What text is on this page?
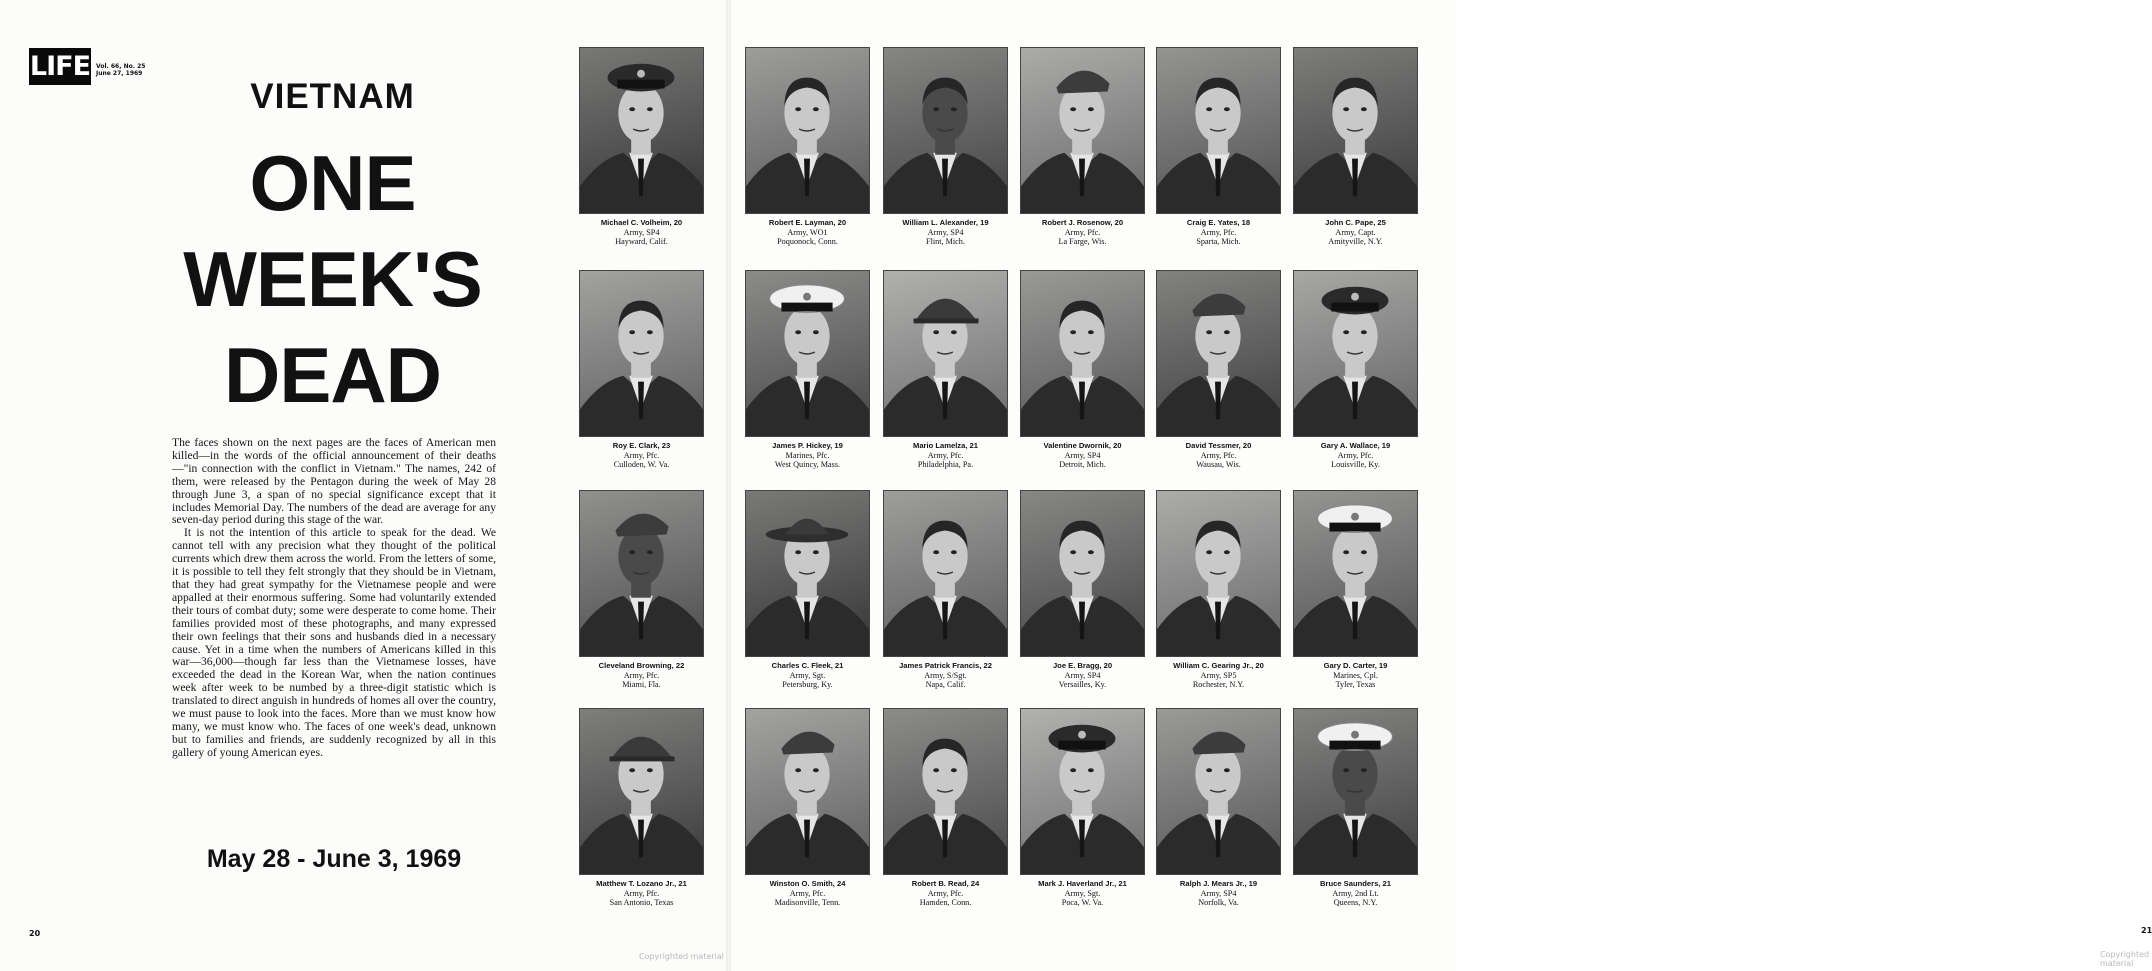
LIFE Vol. 66, No. 25
June 27, 1969
VIETNAM
ONE
WEEK'S
DEAD

The faces shown on the next pages are the faces of American men killed—in the words of the official announcement of their deaths—"in connection with the conflict in Vietnam." The names, 242 of them, were released by the Pentagon during the week of May 28 through June 3, a span of no special significance except that it includes Memorial Day. The numbers of the dead are average for any seven-day period during this stage of the war.

It is not the intention of this article to speak for the dead. We cannot tell with any precision what they thought of the political currents which drew them across the world. From the letters of some, it is possible to tell they felt strongly that they should be in Vietnam, that they had great sympathy for the Vietnamese people and were appalled at their enormous suffering. Some had voluntarily extended their tours of combat duty; some were desperate to come home. Their families provided most of these photographs, and many expressed their own feelings that their sons and husbands died in a necessary cause. Yet in a time when the numbers of Americans killed in this war—36,000—though far less than the Vietnamese losses, have exceeded the dead in the Korean War, when the nation continues week after week to be numbed by a three-digit statistic which is translated to direct anguish in hundreds of homes all over the country, we must pause to look into the faces. More than we must know how many, we must know who. The faces of one week's dead, unknown but to families and friends, are suddenly recognized by all in this gallery of young American eyes.

May 28 - June 3, 1969
20
Copyrighted material
21
Copyrighted material
Michael C. Volheim, 20
Army, SP4
Hayward, Calif.
Robert E. Layman, 20
Army, WO1
Poquonock, Conn.
William L. Alexander, 19
Army, SP4
Flint, Mich.
Robert J. Rosenow, 20
Army, Pfc.
La Farge, Wis.
Craig E. Yates, 18
Army, Pfc.
Sparta, Mich.
John C. Pape, 25
Army, Capt.
Amityville, N.Y.
Roy E. Clark, 23
Army, Pfc.
Culloden, W. Va.
James P. Hickey, 19
Marines, Pfc.
West Quincy, Mass.
Mario Lamelza, 21
Army, Pfc.
Philadelphia, Pa.
Valentine Dwornik, 20
Army, SP4
Detroit, Mich.
David Tessmer, 20
Army, Pfc.
Wausau, Wis.
Gary A. Wallace, 19
Army, Pfc.
Louisville, Ky.
Cleveland Browning, 22
Army, Pfc.
Miami, Fla.
Charles C. Fleek, 21
Army, Sgt.
Petersburg, Ky.
James Patrick Francis, 22
Army, S/Sgt.
Napa, Calif.
Joe E. Bragg, 20
Army, SP4
Versailles, Ky.
William C. Gearing Jr., 20
Army, SP5
Rochester, N.Y.
Gary D. Carter, 19
Marines, Cpl.
Tyler, Texas
Matthew T. Lozano Jr., 21
Army, Pfc.
San Antonio, Texas
Winston O. Smith, 24
Army, Pfc.
Madisonville, Tenn.
Robert B. Read, 24
Army, Pfc.
Hamden, Conn.
Mark J. Haverland Jr., 21
Army, Sgt.
Poca, W. Va.
Ralph J. Mears Jr., 19
Army, SP4
Norfolk, Va.
Bruce Saunders, 21
Army, 2nd Lt.
Queens, N.Y.
